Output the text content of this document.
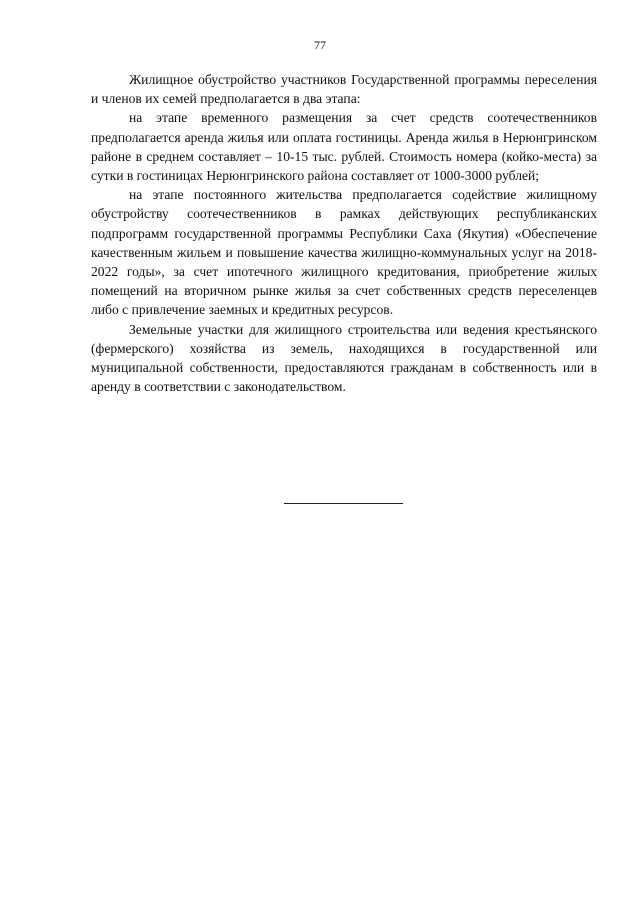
77

Жилищное обустройство участников Государственной программы переселения и членов их семей предполагается в два этапа:

на этапе временного размещения за счет средств соотечественников предполагается аренда жилья или оплата гостиницы. Аренда жилья в Нерюнгринском районе в среднем составляет – 10-15 тыс. рублей. Стоимость номера (койко-места) за сутки в гостиницах Нерюнгринского района составляет от 1000-3000 рублей;

на этапе постоянного жительства предполагается содействие жилищному обустройству соотечественников в рамках действующих республиканских подпрограмм государственной программы Республики Саха (Якутия) «Обеспечение качественным жильем и повышение качества жилищно-коммунальных услуг на 2018-2022 годы», за счет ипотечного жилищного кредитования, приобретение жилых помещений на вторичном рынке жилья за счет собственных средств переселенцев либо с привлечение заемных и кредитных ресурсов.

Земельные участки для жилищного строительства или ведения крестьянского (фермерского) хозяйства из земель, находящихся в государственной или муниципальной собственности, предоставляются гражданам в собственность или в аренду в соответствии с законодательством.
